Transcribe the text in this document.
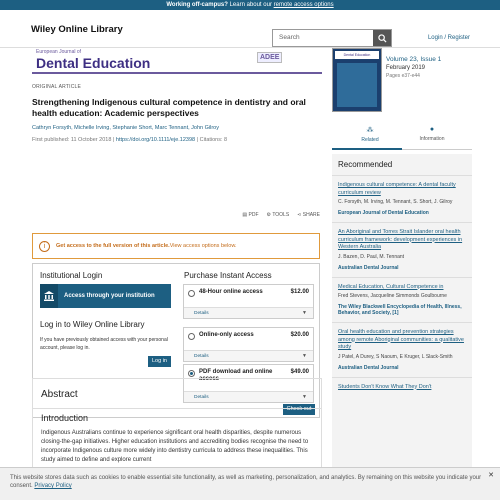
Working off-campus? Learn about our remote access options
Wiley Online Library
Search	Login / Register
European Journal of
Dental Education	ADEE
ORIGINAL ARTICLE
Strengthening Indigenous cultural competence in dentistry and oral health education: Academic perspectives
Cathryn Forsyth, Michelle Irving, Stephanie Short, Marc Tennant, John Gilroy
First published: 11 October 2018 | https://doi.org/10.1111/eje.12398 | Citations: 8
▤ PDF ⚙ TOOLS ⋖ SHARE
i	Get access to the full version of this article. View access options below.
Institutional Login
Access through your institution
Log in to Wiley Online Library
If you have previously obtained access with your personal account, please log in.
Log in
Purchase Instant Access
48-Hour online access	$12.00
Details	▼
Online-only access	$20.00
Details	▼
PDF download and online access
$49.00
Details	▼
Check out
Abstract
Introduction
Indigenous Australians continue to experience significant oral health disparities, despite numerous closing-the-gap initiatives. Higher education institutions and accrediting bodies recognise the need to incorporate Indigenous culture more widely into dentistry curricula to address these inequalities. This study aimed to define and explore current
Dental Education
Volume 23, Issue 1
February 2019
Pages e37-e44
⁂
Related
●
Information
Recommended
Indigenous cultural competence: A dental faculty curriculum review
C. Forsyth, M. Irving, M. Tennant, S. Short, J. Gilroy
European Journal of Dental Education
An Aboriginal and Torres Strait Islander oral health curriculum framework: development experiences in Western Australia
J. Bazen, D. Paul, M. Tennant
Australian Dental Journal
Medical Education, Cultural Competence in
Fred Stevens, Jacqueline Simmonds Goulbourne
The Wiley Blackwell Encyclopedia of Health, Illness, Behavior, and Society, [1]
Oral health education and prevention strategies among remote Aboriginal communities: a qualitative study
J Patel, A Durey, S Naoum, E Kruger, L Slack-Smith
Australian Dental Journal
Students Don't Know What They Don't
This website stores data such as cookies to enable essential site functionality, as well as marketing, personalization, and analytics. By remaining on this website you indicate your consent. Privacy Policy
✕
